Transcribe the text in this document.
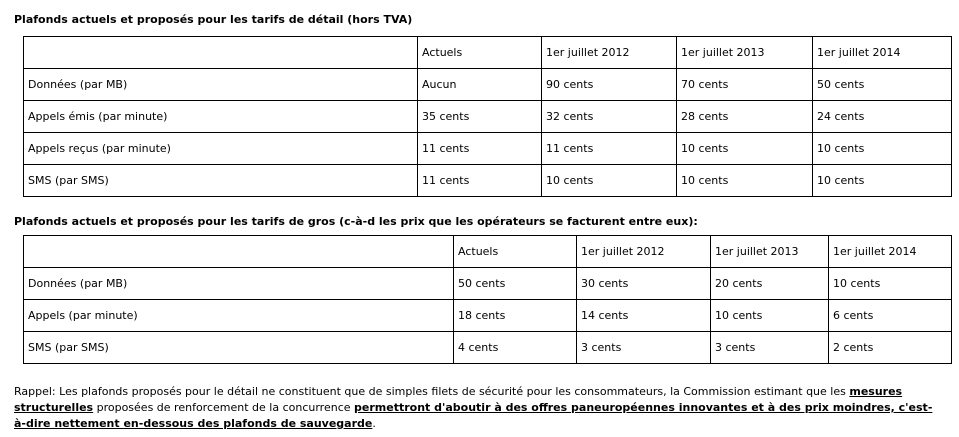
Plafonds actuels et proposés pour les tarifs de détail (hors TVA)
	Actuels	1er juillet 2012	1er juillet 2013	1er juillet 2014
Données (par MB)	Aucun	90 cents	70 cents	50 cents
Appels émis (par minute)	35 cents	32 cents	28 cents	24 cents
Appels reçus (par minute)	11 cents	11 cents	10 cents	10 cents
SMS (par SMS)	11 cents	10 cents	10 cents	10 cents
Plafonds actuels et proposés pour les tarifs de gros (c-à-d les prix que les opérateurs se facturent entre eux):
	Actuels	1er juillet 2012	1er juillet 2013	1er juillet 2014
Données (par MB)	50 cents	30 cents	20 cents	10 cents
Appels (par minute)	18 cents	14 cents	10 cents	6 cents
SMS (par SMS)	4 cents	3 cents	3 cents	2 cents

Rappel: Les plafonds proposés pour le détail ne constituent que de simples filets de sécurité pour les consommateurs, la Commission estimant que les mesures structurelles proposées de renforcement de la concurrence permettront d'aboutir à des offres paneuropéennes innovantes et à des prix moindres, c'est-à-dire nettement en-dessous des plafonds de sauvegarde.
